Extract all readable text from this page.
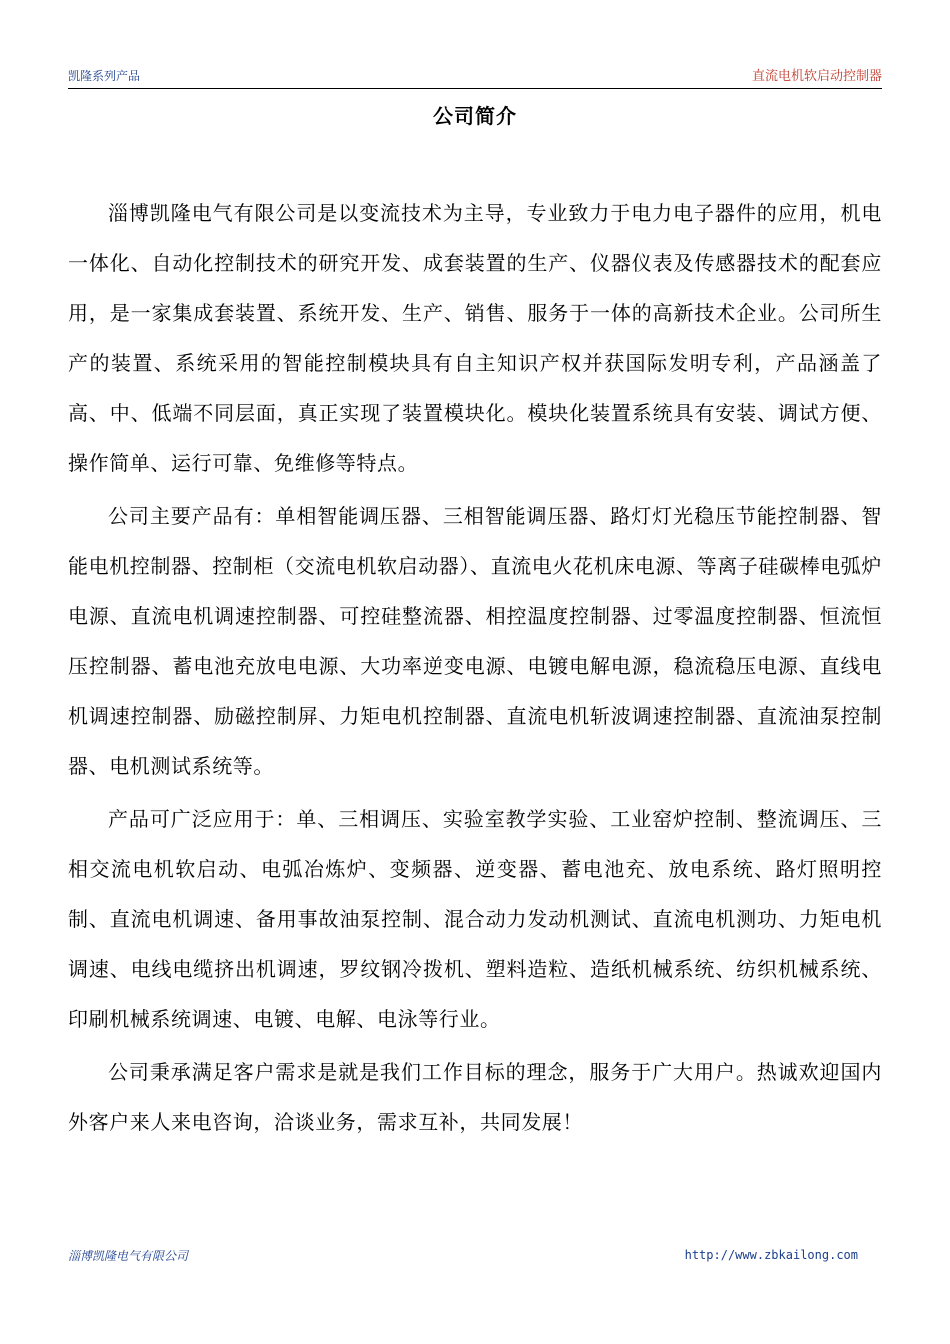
凯隆系列产品	直流电机软启动控制器
公司简介

淄博凯隆电气有限公司是以变流技术为主导，专业致力于电力电子器件的应用，机电一体化、自动化控制技术的研究开发、成套装置的生产、仪器仪表及传感器技术的配套应用，是一家集成套装置、系统开发、生产、销售、服务于一体的高新技术企业。公司所生产的装置、系统采用的智能控制模块具有自主知识产权并获国际发明专利，产品涵盖了高、中、低端不同层面，真正实现了装置模块化。模块化装置系统具有安装、调试方便、操作简单、运行可靠、免维修等特点。

公司主要产品有：单相智能调压器、三相智能调压器、路灯灯光稳压节能控制器、智能电机控制器、控制柜（交流电机软启动器）、直流电火花机床电源、等离子硅碳棒电弧炉电源、直流电机调速控制器、可控硅整流器、相控温度控制器、过零温度控制器、恒流恒压控制器、蓄电池充放电电源、大功率逆变电源、电镀电解电源，稳流稳压电源、直线电机调速控制器、励磁控制屏、力矩电机控制器、直流电机斩波调速控制器、直流油泵控制器、电机测试系统等。

产品可广泛应用于：单、三相调压、实验室教学实验、工业窑炉控制、整流调压、三相交流电机软启动、电弧冶炼炉、变频器、逆变器、蓄电池充、放电系统、路灯照明控制、直流电机调速、备用事故油泵控制、混合动力发动机测试、直流电机测功、力矩电机调速、电线电缆挤出机调速，罗纹钢冷拨机、塑料造粒、造纸机械系统、纺织机械系统、印刷机械系统调速、电镀、电解、电泳等行业。

公司秉承满足客户需求是就是我们工作目标的理念，服务于广大用户。热诚欢迎国内外客户来人来电咨询，洽谈业务，需求互补，共同发展！

淄博凯隆电气有限公司	http://www.zbkailong.com
